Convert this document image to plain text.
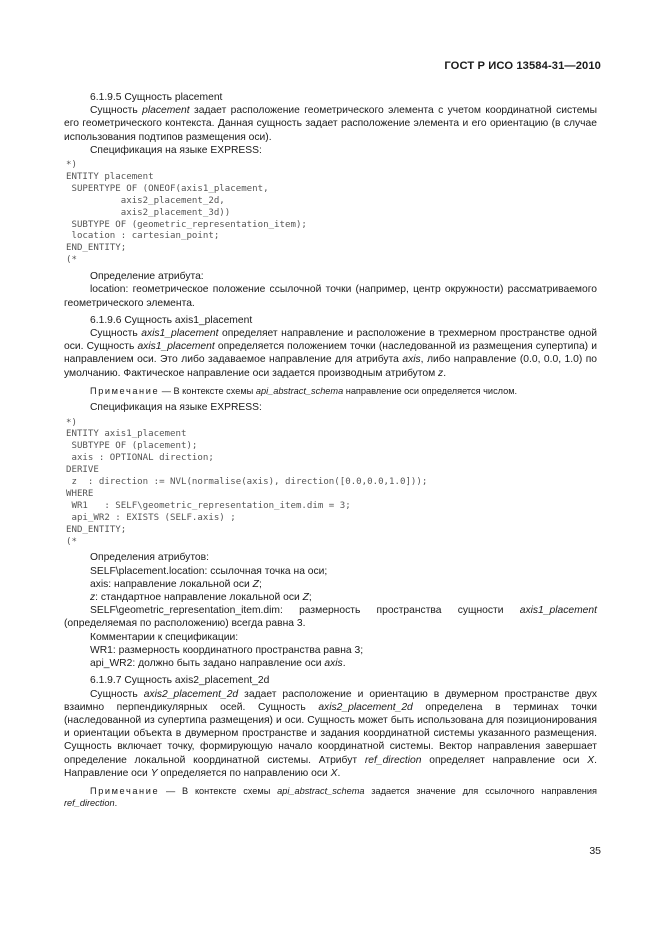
ГОСТ Р ИСО 13584-31—2010

6.1.9.5 Сущность placement

Сущность placement задает расположение геометрического элемента с учетом координатной системы его геометрического контекста. Данная сущность задает расположение элемента и его ориентацию (в случае использования подтипов размещения оси).

Спецификация на языке EXPRESS:

*)
ENTITY placement
SUPERTYPE OF (ONEOF(axis1_placement,
axis2_placement_2d,
axis2_placement_3d))
SUBTYPE OF (geometric_representation_item);
location : cartesian_point;
END_ENTITY;
(*

Определение атрибута:

location: геометрическое положение ссылочной точки (например, центр окружности) рассматриваемого геометрического элемента.

6.1.9.6 Сущность axis1_placement

Сущность axis1_placement определяет направление и расположение в трехмерном пространстве одной оси. Сущность axis1_placement определяется положением точки (наследованной из размещения супертипа) и направлением оси. Это либо задаваемое направление для атрибута axis, либо направление (0.0, 0.0, 1.0) по умолчанию. Фактическое направление оси задается производным атрибутом z.

Примечание — В контексте схемы api_abstract_schema направление оси определяется числом.

Спецификация на языке EXPRESS:

*)
ENTITY axis1_placement
SUBTYPE OF (placement);
axis : OPTIONAL direction;
DERIVE
z  : direction := NVL(normalise(axis), direction([0.0,0.0,1.0]));
WHERE
WR1   : SELF\geometric_representation_item.dim = 3;
api_WR2 : EXISTS (SELF.axis) ;
END_ENTITY;
(*

Определения атрибутов:

SELF\placement.location: ссылочная точка на оси;

axis: направление локальной оси Z;

z: стандартное направление локальной оси Z;

SELF\geometric_representation_item.dim: размерность пространства сущности axis1_placement (определяемая по расположению) всегда равна 3.

Комментарии к спецификации:

WR1: размерность координатного пространства равна 3;

api_WR2: должно быть задано направление оси axis.

6.1.9.7 Сущность axis2_placement_2d

Сущность axis2_placement_2d задает расположение и ориентацию в двумерном пространстве двух взаимно перпендикулярных осей. Сущность axis2_placement_2d определена в терминах точки (наследованной из супертипа размещения) и оси. Сущность может быть использована для позиционирования и ориентации объекта в двумерном пространстве и задания координатной системы указанного размещения. Сущность включает точку, формирующую начало координатной системы. Вектор направления завершает определение локальной координатной системы. Атрибут ref_direction определяет направление оси X. Направление оси Y определяется по направлению оси X.

Примечание — В контексте схемы api_abstract_schema задается значение для ссылочного направления ref_direction.

35
